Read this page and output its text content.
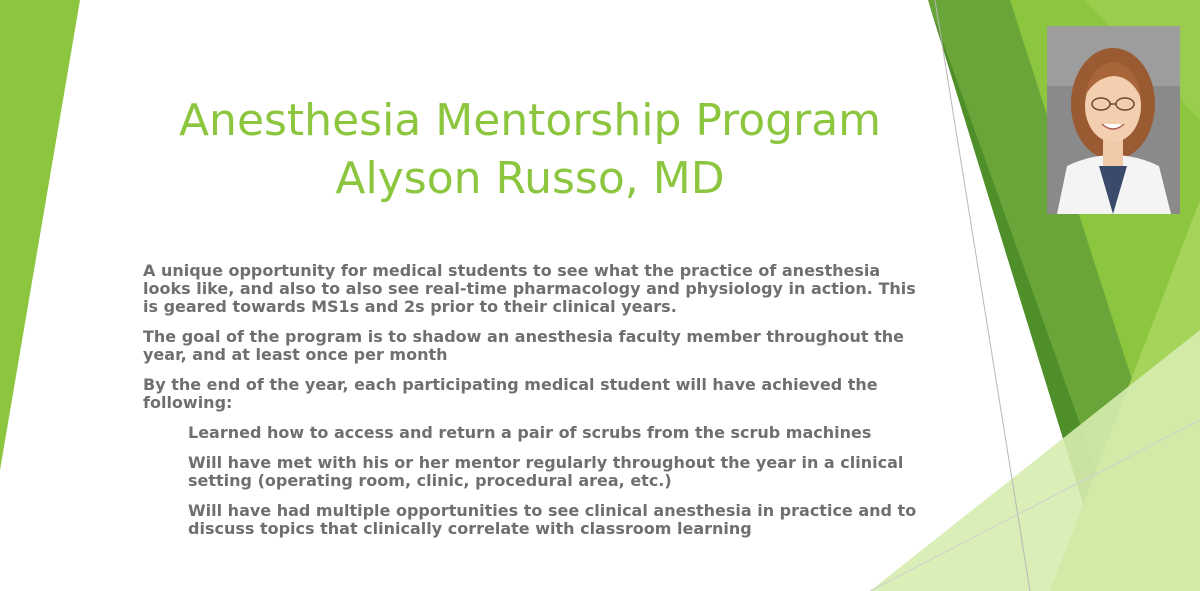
Anesthesia Mentorship Program
Alyson Russo, MD

A unique opportunity for medical students to see what the practice of anesthesia looks like, and also to also see real-time pharmacology and physiology in action. This is geared towards MS1s and 2s prior to their clinical years.

The goal of the program is to shadow an anesthesia faculty member throughout the year, and at least once per month

By the end of the year, each participating medical student will have achieved the following:

Learned how to access and return a pair of scrubs from the scrub machines

Will have met with his or her mentor regularly throughout the year in a clinical setting (operating room, clinic, procedural area, etc.)

Will have had multiple opportunities to see clinical anesthesia in practice and to discuss topics that clinically correlate with classroom learning
